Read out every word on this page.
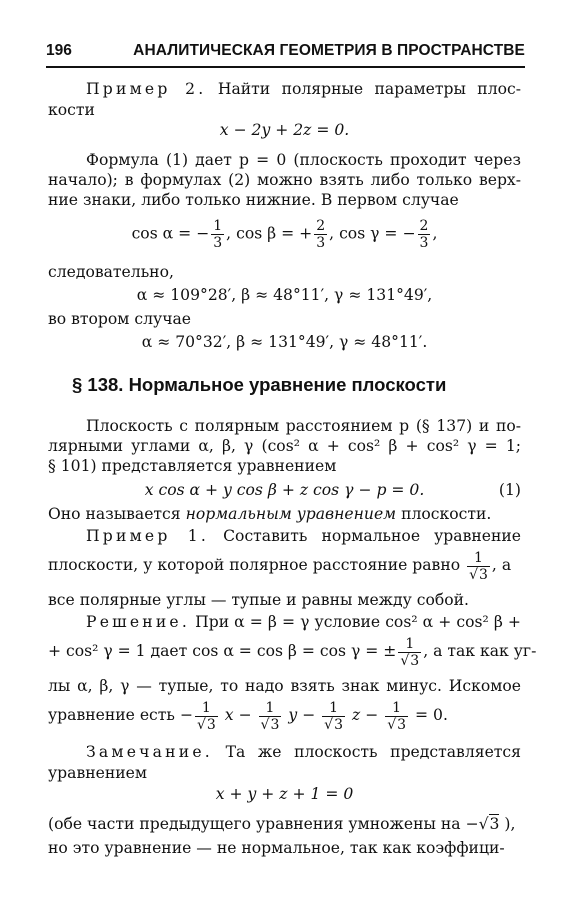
196	АНАЛИТИЧЕСКАЯ ГЕОМЕТРИЯ В ПРОСТРАНСТВЕ
Пример 2. Найти полярные параметры плос-
кости
x − 2y + 2z = 0.
Формула (1) дает p = 0 (плоскость проходит через
начало); в формулах (2) можно взять либо только верх-
ние знаки, либо только нижние. В первом случае
cos α = − $\frac{1}{3}$ , cos β = + $\frac{2}{3}$ , cos γ = − $\frac{2}{3}$ ,
следовательно,
α ≈ 109°28′, β ≈ 48°11′, γ ≈ 131°49′,
во втором случае
α ≈ 70°32′, β ≈ 131°49′, γ ≈ 48°11′.
§ 138. Нормальное уравнение плоскости
Плоскость с полярным расстоянием p (§ 137) и по-
лярными углами α, β, γ (cos² α + cos² β + cos² γ = 1;
§ 101) представляется уравнением
x cos α + y cos β + z cos γ − p = 0.	(1)
Оно называется нормальным уравнением плоскости.
Пример 1. Составить нормальное уравнение
плоскости, у которой полярное расстояние равно $\frac{1}{√3}$ , а
все полярные углы — тупые и равны между собой.
Решение. При α = β = γ условие cos² α + cos² β +
+ cos² γ = 1 дает cos α = cos β = cos γ = ± $\frac{1}{√3}$ , а так как уг-
лы α, β, γ — тупые, то надо взять знак минус. Искомое
уравнение есть − $\frac{1}{√3}$ $x - \frac{1}{√3}$ $y - \frac{1}{√3}$ $z - \frac{1}{√3} = 0$.
Замечание. Та же плоскость представляется
уравнением
x + y + z + 1 = 0
(обе части предыдущего уравнения умножены на −√3 ),
но это уравнение — не нормальное, так как коэффици-
